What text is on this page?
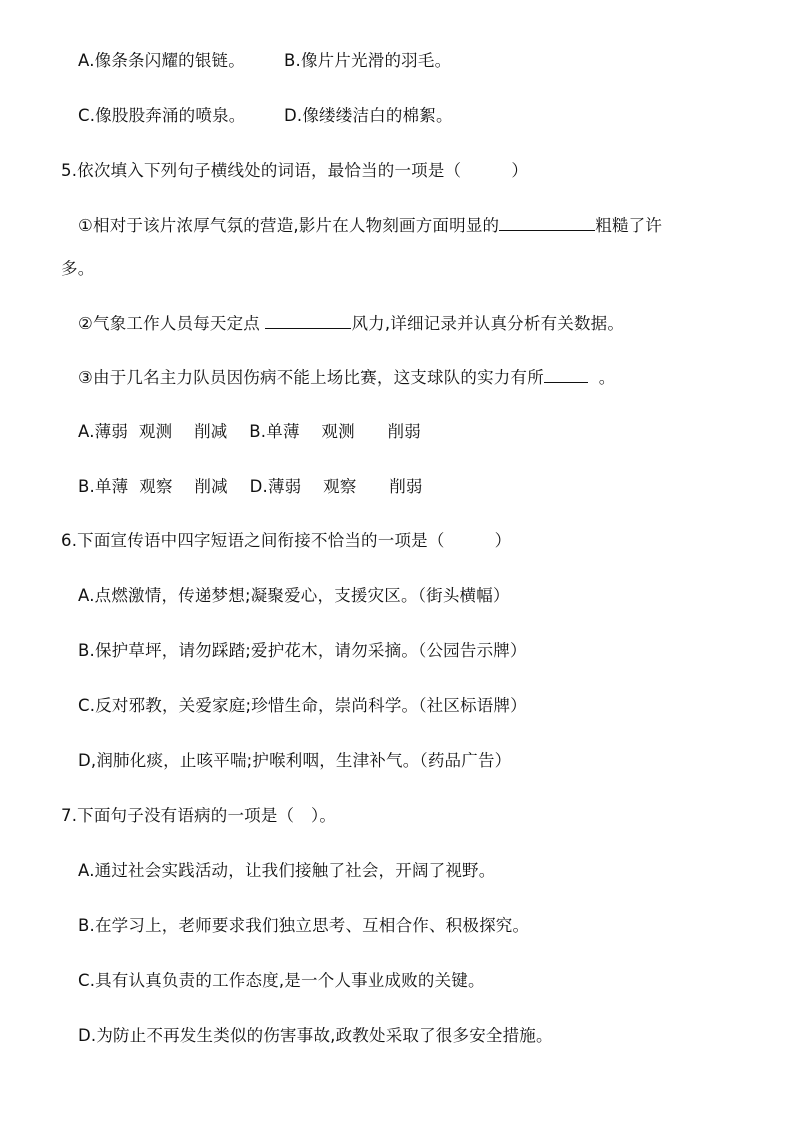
A.像条条闪耀的银链。 B.像片片光滑的羽毛。
C.像股股奔涌的喷泉。 D.像缕缕洁白的棉絮。
5.依次填入下列句子横线处的词语，最恰当的一项是（　　　）
①相对于该片浓厚气氛的营造,影片在人物刻画方面明显的	粗糙了许
多。
②气象工作人员每天定点	风力,详细记录并认真分析有关数据。
③由于几名主力队员因伤病不能上场比赛，这支球队的实力有所	。
A.薄弱  观测    削减    B.单薄    观测      削弱
B.单薄  观察    削减    D.薄弱    观察      削弱
6.下面宣传语中四字短语之间衔接不恰当的一项是（　　　）
A.点燃激情，传递梦想;凝聚爱心，支援灾区。（街头横幅）
B.保护草坪，请勿踩踏;爱护花木，请勿采摘。（公园告示牌）
C.反对邪教，关爱家庭;珍惜生命，崇尚科学。（社区标语牌）
D,润肺化痰，止咳平喘;护喉利咽，生津补气。（药品广告）
7.下面句子没有语病的一项是（　）。
A.通过社会实践活动，让我们接触了社会，开阔了视野。
B.在学习上，老师要求我们独立思考、互相合作、积极探究。
C.具有认真负责的工作态度,是一个人事业成败的关键。
D.为防止不再发生类似的伤害事故,政教处采取了很多安全措施。
